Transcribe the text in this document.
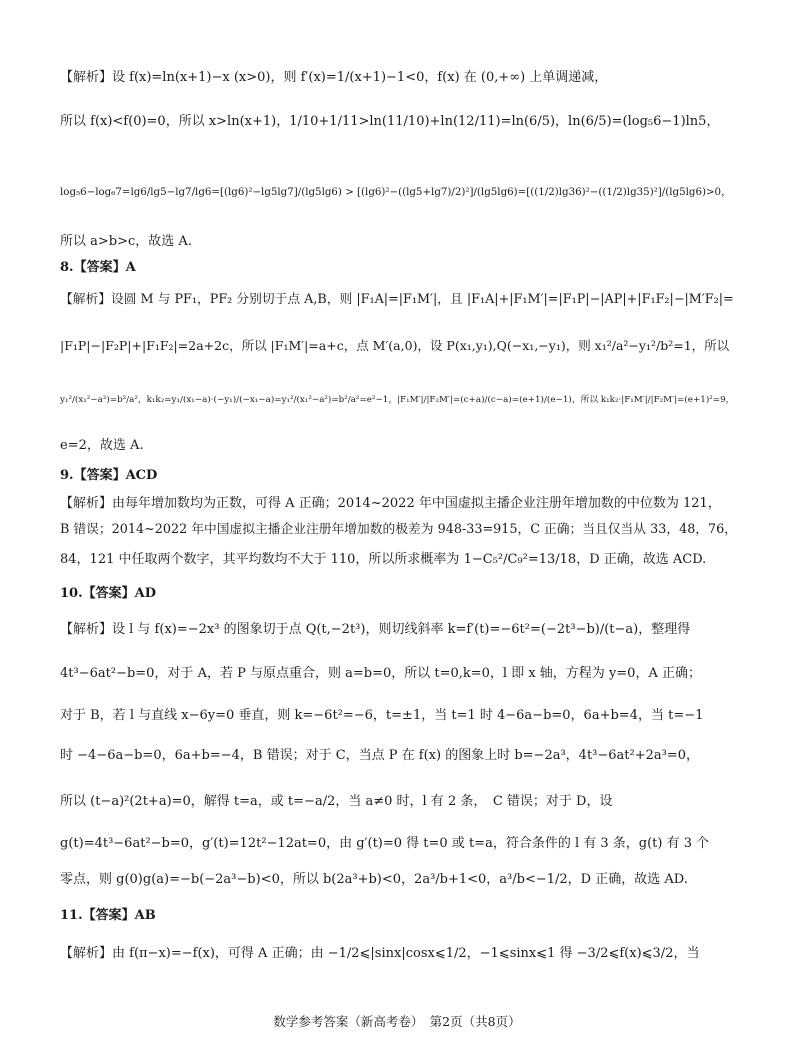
【解析】设 f(x)=ln(x+1)−x (x>0)，则 f′(x)=1/(x+1)−1<0，f(x) 在 (0,+∞) 上单调递减，
所以 f(x)<f(0)=0，所以 x>ln(x+1)，1/10+1/11>ln(11/10)+ln(12/11)=ln(6/5)，ln(6/5)=(log₅6−1)ln5，
log₅6−log₆7=lg6/lg5−lg7/lg6=[(lg6)²−lg5lg7]/(lg5lg6) > [(lg6)²−((lg5+lg7)/2)²]/(lg5lg6)=[((1/2)lg36)²−((1/2)lg35)²]/(lg5lg6)>0，
所以 a>b>c，故选 A.
8.【答案】A
【解析】设圆 M 与 PF₁，PF₂ 分别切于点 A,B，则 |F₁A|=|F₁M′|，且 |F₁A|+|F₁M′|=|F₁P|−|AP|+|F₁F₂|−|M′F₂|=
|F₁P|−|F₂P|+|F₁F₂|=2a+2c，所以 |F₁M′|=a+c，点 M′(a,0)，设 P(x₁,y₁),Q(−x₁,−y₁)，则 x₁²/a²−y₁²/b²=1，所以
y₁²/(x₁²−a²)=b²/a²，k₁k₂=y₁/(x₁−a)·(−y₁)/(−x₁−a)=y₁²/(x₁²−a²)=b²/a²=e²−1，|F₁M′|/|F₂M′|=(c+a)/(c−a)=(e+1)/(e−1)，所以 k₁k₂·|F₁M′|/|F₂M′|=(e+1)²=9，
e=2，故选 A.
9.【答案】ACD
【解析】由每年增加数均为正数，可得 A 正确；2014~2022 年中国虚拟主播企业注册年增加数的中位数为 121，
B 错误；2014~2022 年中国虚拟主播企业注册年增加数的极差为 948-33=915，C 正确；当且仅当从 33，48，76，
84，121 中任取两个数字，其平均数均不大于 110，所以所求概率为 1−C₅²/C₉²=13/18，D 正确，故选 ACD.
10.【答案】AD
【解析】设 l 与 f(x)=−2x³ 的图象切于点 Q(t,−2t³)，则切线斜率 k=f′(t)=−6t²=(−2t³−b)/(t−a)，整理得
4t³−6at²−b=0，对于 A，若 P 与原点重合，则 a=b=0，所以 t=0,k=0，l 即 x 轴，方程为 y=0，A 正确；
对于 B，若 l 与直线 x−6y=0 垂直，则 k=−6t²=−6，t=±1，当 t=1 时 4−6a−b=0，6a+b=4，当 t=−1
时 −4−6a−b=0，6a+b=−4，B 错误；对于 C，当点 P 在 f(x) 的图象上时 b=−2a³，4t³−6at²+2a³=0，
所以 (t−a)²(2t+a)=0，解得 t=a，或 t=−a/2，当 a≠0 时，l 有 2 条，　C 错误；对于 D，设
g(t)=4t³−6at²−b=0，g′(t)=12t²−12at=0，由 g′(t)=0 得 t=0 或 t=a，符合条件的 l 有 3 条，g(t) 有 3 个
零点，则 g(0)g(a)=−b(−2a³−b)<0，所以 b(2a³+b)<0，2a³/b+1<0，a³/b<−1/2，D 正确，故选 AD.
11.【答案】AB
【解析】由 f(π−x)=−f(x)，可得 A 正确；由 −1/2⩽|sinx|cosx⩽1/2，−1⩽sinx⩽1 得 −3/2⩽f(x)⩽3/2，当
数学参考答案（新高考卷）　第2页（共8页）
